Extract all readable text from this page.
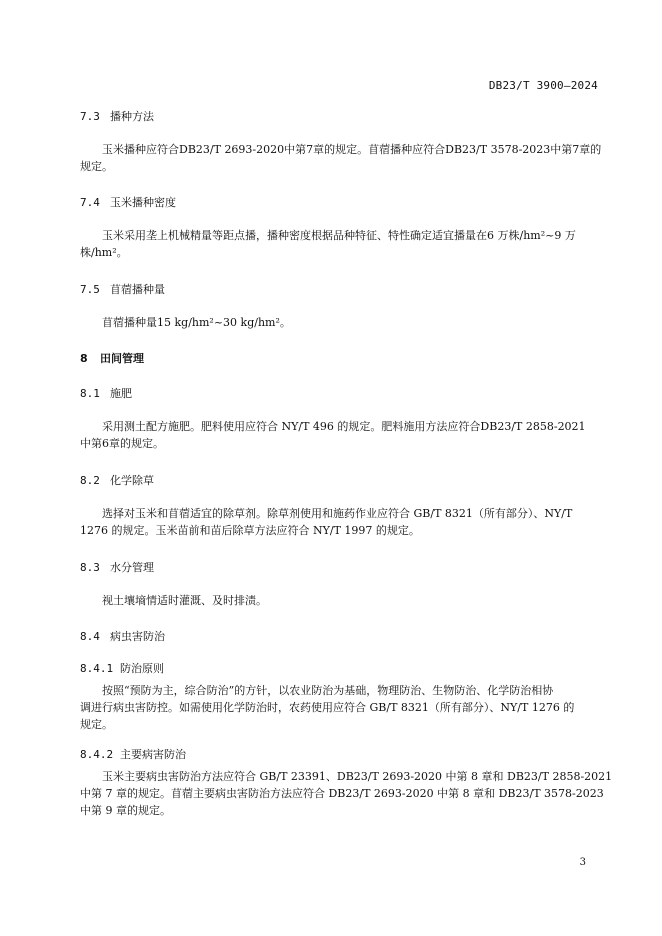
DB23/T 3900—2024
7.3 播种方法
玉米播种应符合DB23/T 2693-2020中第7章的规定。苜蓿播种应符合DB23/T 3578-2023中第7章的
规定。
7.4 玉米播种密度
玉米采用垄上机械精量等距点播，播种密度根据品种特征、特性确定适宜播量在6 万株/hm²~9 万
株/hm²。
7.5 苜蓿播种量
苜蓿播种量15 kg/hm²~30 kg/hm²。
8 田间管理
8.1 施肥
采用测土配方施肥。肥料使用应符合 NY/T 496 的规定。肥料施用方法应符合DB23/T 2858-2021
中第6章的规定。
8.2 化学除草
选择对玉米和苜蓿适宜的除草剂。除草剂使用和施药作业应符合 GB/T 8321（所有部分）、NY/T
1276 的规定。玉米苗前和苗后除草方法应符合 NY/T 1997 的规定。
8.3 水分管理
视土壤墒情适时灌溉、及时排渍。
8.4 病虫害防治
8.4.1 防治原则
按照“预防为主，综合防治”的方针，以农业防治为基础，物理防治、生物防治、化学防治相协
调进行病虫害防控。如需使用化学防治时，农药使用应符合 GB/T 8321（所有部分）、NY/T 1276 的
规定。
8.4.2 主要病害防治
玉米主要病虫害防治方法应符合 GB/T 23391、DB23/T 2693-2020 中第 8 章和 DB23/T 2858-2021
中第 7 章的规定。苜蓿主要病虫害防治方法应符合 DB23/T 2693-2020 中第 8 章和 DB23/T 3578-2023
中第 9 章的规定。
3
